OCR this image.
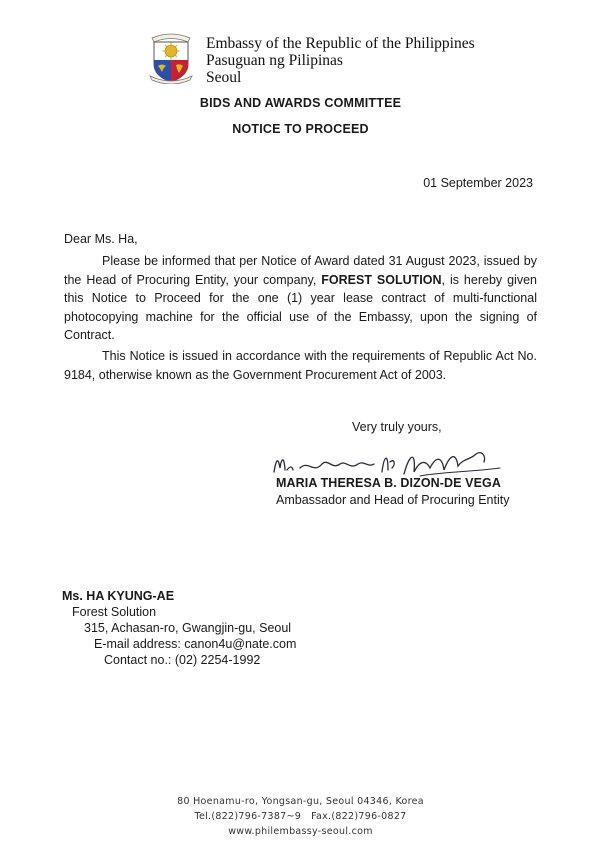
Embassy of the Republic of the Philippines
Pasuguan ng Pilipinas
Seoul
BIDS AND AWARDS COMMITTEE
NOTICE TO PROCEED
01 September 2023
Dear Ms. Ha,

Please be informed that per Notice of Award dated 31 August 2023, issued by the Head of Procuring Entity, your company, FOREST SOLUTION, is hereby given this Notice to Proceed for the one (1) year lease contract of multi-functional photocopying machine for the official use of the Embassy, upon the signing of Contract.

This Notice is issued in accordance with the requirements of Republic Act No. 9184, otherwise known as the Government Procurement Act of 2003.

Very truly yours,
MARIA THERESA B. DIZON-DE VEGA
Ambassador and Head of Procuring Entity
Ms. HA KYUNG-AE
Forest Solution
315, Achasan-ro, Gwangjin-gu, Seoul
E-mail address: canon4u@nate.com
Contact no.: (02) 2254-1992
80 Hoenamu-ro, Yongsan-gu, Seoul 04346, Korea
Tel.(822)796-7387~9   Fax.(822)796-0827
www.philembassy-seoul.com
